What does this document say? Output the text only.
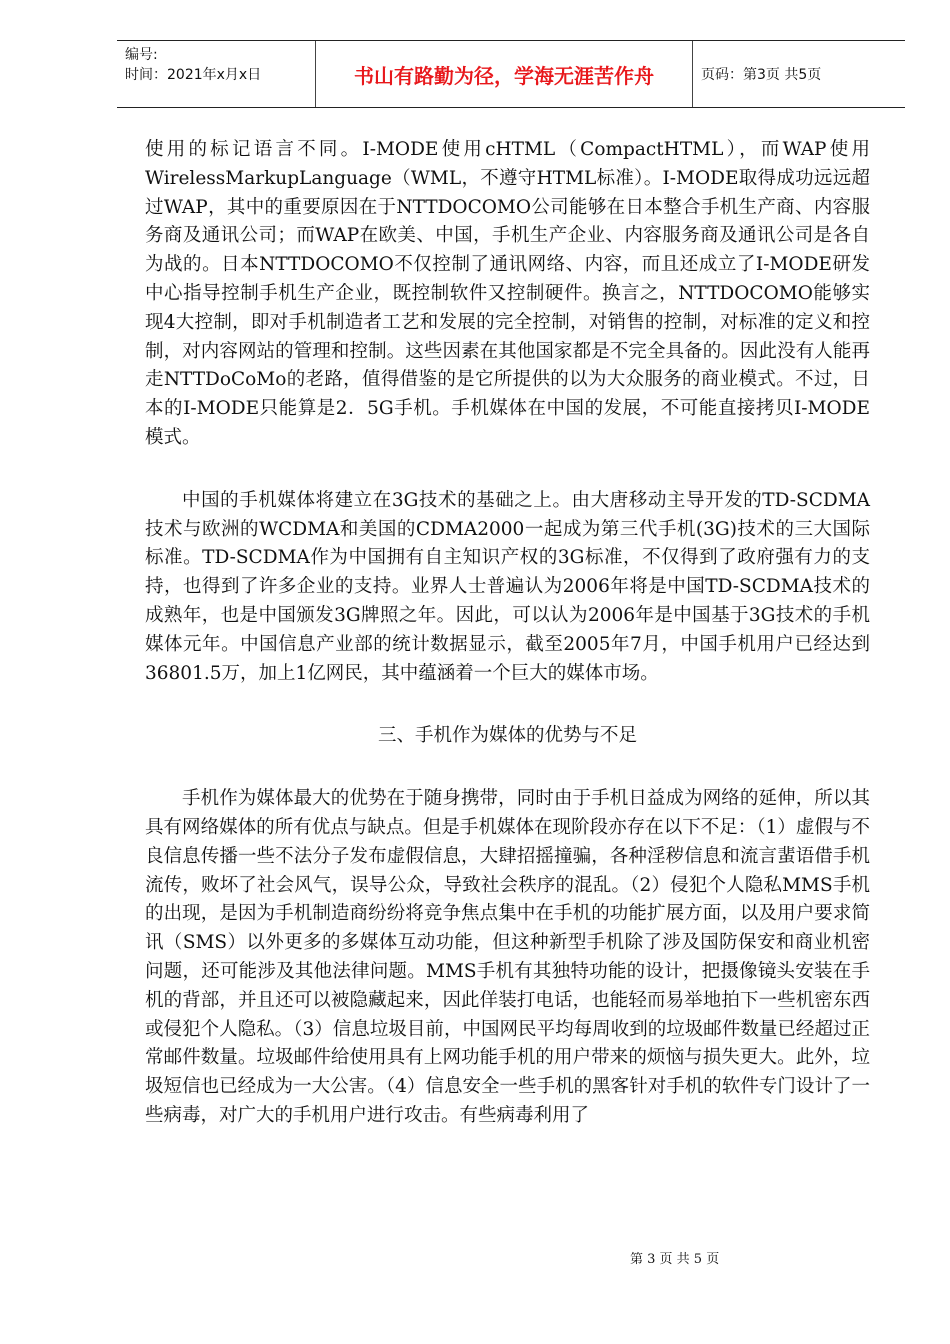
编号:
时间：2021年x月x日	书山有路勤为径，学海无涯苦作舟	页码：第3页 共5页

使用的标记语言不同。I-MODE使用cHTML（CompactHTML），而WAP使用WirelessMarkupLanguage（WML，不遵守HTML标准）。I-MODE取得成功远远超过WAP，其中的重要原因在于NTTDOCOMO公司能够在日本整合手机生产商、内容服务商及通讯公司；而WAP在欧美、中国，手机生产企业、内容服务商及通讯公司是各自为战的。日本NTTDOCOMO不仅控制了通讯网络、内容，而且还成立了I-MODE研发中心指导控制手机生产企业，既控制软件又控制硬件。换言之，NTTDOCOMO能够实现4大控制，即对手机制造者工艺和发展的完全控制，对销售的控制，对标准的定义和控制，对内容网站的管理和控制。这些因素在其他国家都是不完全具备的。因此没有人能再走NTTDoCoMo的老路，值得借鉴的是它所提供的以为大众服务的商业模式。不过，日本的I-MODE只能算是2．5G手机。手机媒体在中国的发展，不可能直接拷贝I-MODE模式。

中国的手机媒体将建立在3G技术的基础之上。由大唐移动主导开发的TD-SCDMA技术与欧洲的WCDMA和美国的CDMA2000一起成为第三代手机(3G)技术的三大国际标准。TD-SCDMA作为中国拥有自主知识产权的3G标准，不仅得到了政府强有力的支持，也得到了许多企业的支持。业界人士普遍认为2006年将是中国TD-SCDMA技术的成熟年，也是中国颁发3G牌照之年。因此，可以认为2006年是中国基于3G技术的手机媒体元年。中国信息产业部的统计数据显示，截至2005年7月，中国手机用户已经达到36801.5万，加上1亿网民，其中蕴涵着一个巨大的媒体市场。

三、手机作为媒体的优势与不足

手机作为媒体最大的优势在于随身携带，同时由于手机日益成为网络的延伸，所以其具有网络媒体的所有优点与缺点。但是手机媒体在现阶段亦存在以下不足：（1）虚假与不良信息传播一些不法分子发布虚假信息，大肆招摇撞骗，各种淫秽信息和流言蜚语借手机流传，败坏了社会风气，误导公众，导致社会秩序的混乱。（2）侵犯个人隐私MMS手机的出现，是因为手机制造商纷纷将竞争焦点集中在手机的功能扩展方面，以及用户要求简讯（SMS）以外更多的多媒体互动功能，但这种新型手机除了涉及国防保安和商业机密问题，还可能涉及其他法律问题。MMS手机有其独特功能的设计，把摄像镜头安装在手机的背部，并且还可以被隐藏起来，因此佯装打电话，也能轻而易举地拍下一些机密东西或侵犯个人隐私。（3）信息垃圾目前，中国网民平均每周收到的垃圾邮件数量已经超过正常邮件数量。垃圾邮件给使用具有上网功能手机的用户带来的烦恼与损失更大。此外，垃圾短信也已经成为一大公害。（4）信息安全一些手机的黑客针对手机的软件专门设计了一些病毒，对广大的手机用户进行攻击。有些病毒利用了

第 3 页 共 5 页
